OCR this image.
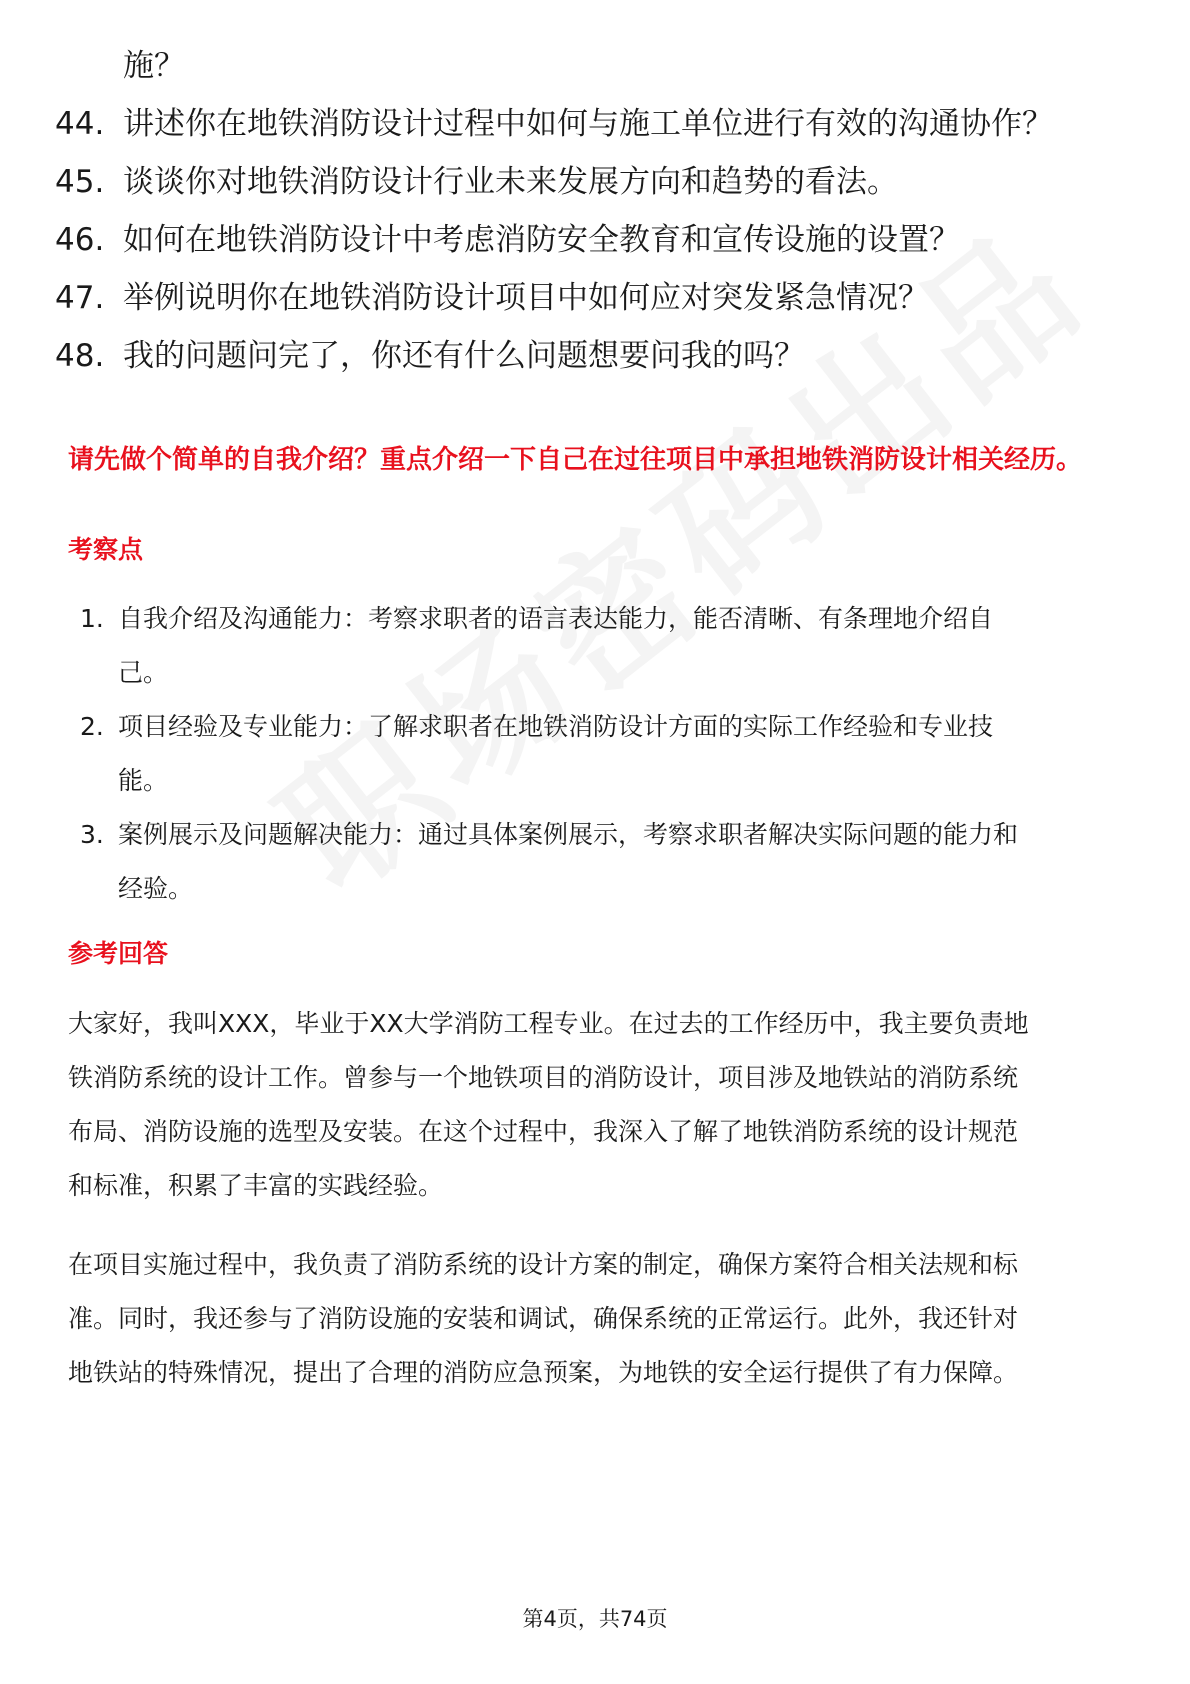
施？
44. 讲述你在地铁消防设计过程中如何与施工单位进行有效的沟通协作？
45. 谈谈你对地铁消防设计行业未来发展方向和趋势的看法。
46. 如何在地铁消防设计中考虑消防安全教育和宣传设施的设置？
47. 举例说明你在地铁消防设计项目中如何应对突发紧急情况？
48. 我的问题问完了，你还有什么问题想要问我的吗？
请先做个简单的自我介绍？重点介绍一下自己在过往项目中承担地铁消防设计相关经历。
考察点
1. 自我介绍及沟通能力：考察求职者的语言表达能力，能否清晰、有条理地介绍自己。
2. 项目经验及专业能力：了解求职者在地铁消防设计方面的实际工作经验和专业技能。
3. 案例展示及问题解决能力：通过具体案例展示，考察求职者解决实际问题的能力和经验。
参考回答

大家好，我叫XXX，毕业于XX大学消防工程专业。在过去的工作经历中，我主要负责地铁消防系统的设计工作。曾参与一个地铁项目的消防设计，项目涉及地铁站的消防系统布局、消防设施的选型及安装。在这个过程中，我深入了解了地铁消防系统的设计规范和标准，积累了丰富的实践经验。

在项目实施过程中，我负责了消防系统的设计方案的制定，确保方案符合相关法规和标准。同时，我还参与了消防设施的安装和调试，确保系统的正常运行。此外，我还针对地铁站的特殊情况，提出了合理的消防应急预案，为地铁的安全运行提供了有力保障。

第4页，共74页
